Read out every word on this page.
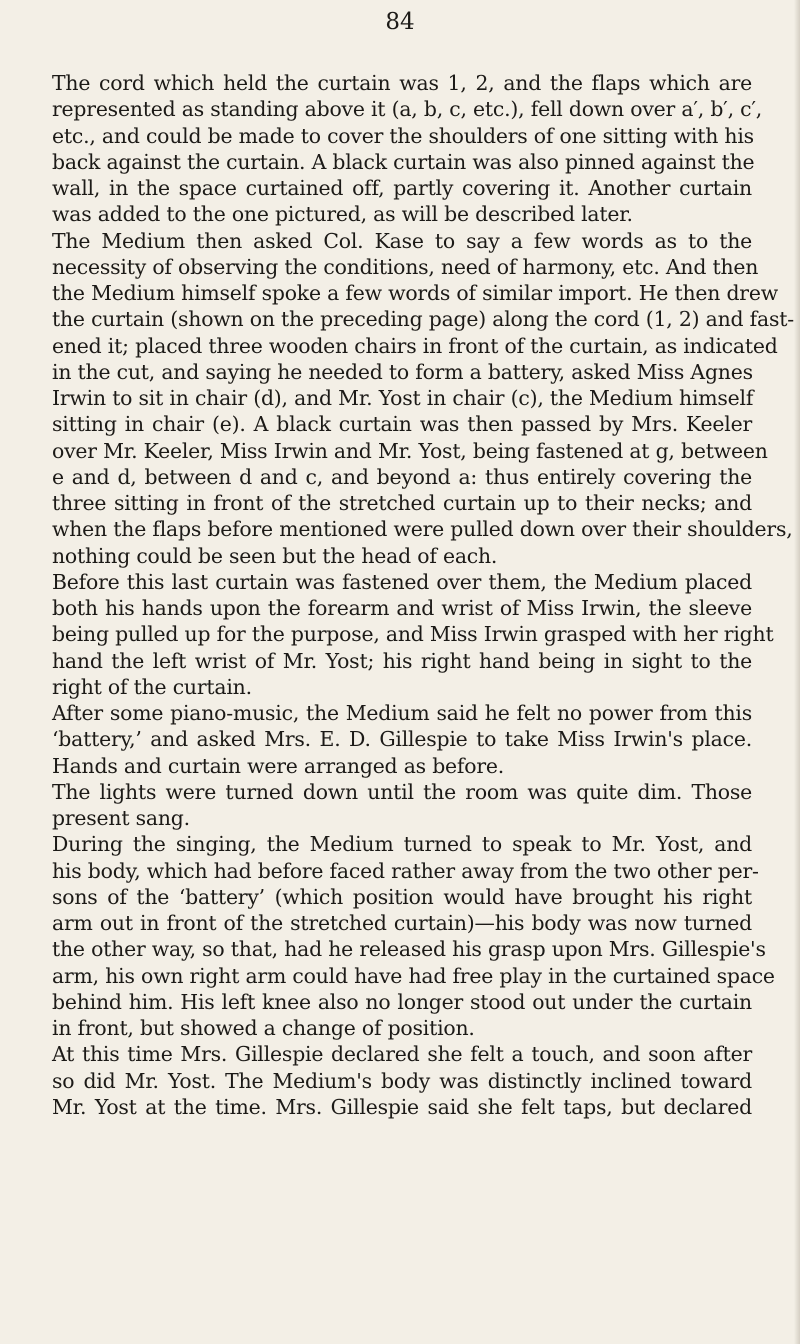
84
The cord which held the curtain was 1, 2, and the flaps which are
represented as standing above it (a, b, c, etc.), fell down over a′, b′, c′,
etc., and could be made to cover the shoulders of one sitting with his
back against the curtain. A black curtain was also pinned against the
wall, in the space curtained off, partly covering it. Another curtain
was added to the one pictured, as will be described later.
The Medium then asked Col. Kase to say a few words as to the
necessity of observing the conditions, need of harmony, etc. And then
the Medium himself spoke a few words of similar import. He then drew
the curtain (shown on the preceding page) along the cord (1, 2) and fast-
ened it; placed three wooden chairs in front of the curtain, as indicated
in the cut, and saying he needed to form a battery, asked Miss Agnes
Irwin to sit in chair (d), and Mr. Yost in chair (c), the Medium himself
sitting in chair (e). A black curtain was then passed by Mrs. Keeler
over Mr. Keeler, Miss Irwin and Mr. Yost, being fastened at g, between
e and d, between d and c, and beyond a: thus entirely covering the
three sitting in front of the stretched curtain up to their necks; and
when the flaps before mentioned were pulled down over their shoulders,
nothing could be seen but the head of each.
Before this last curtain was fastened over them, the Medium placed
both his hands upon the forearm and wrist of Miss Irwin, the sleeve
being pulled up for the purpose, and Miss Irwin grasped with her right
hand the left wrist of Mr. Yost; his right hand being in sight to the
right of the curtain.
After some piano-music, the Medium said he felt no power from this
‘battery,’ and asked Mrs. E. D. Gillespie to take Miss Irwin's place.
Hands and curtain were arranged as before.
The lights were turned down until the room was quite dim. Those
present sang.
During the singing, the Medium turned to speak to Mr. Yost, and
his body, which had before faced rather away from the two other per-
sons of the ‘battery’ (which position would have brought his right
arm out in front of the stretched curtain)—his body was now turned
the other way, so that, had he released his grasp upon Mrs. Gillespie's
arm, his own right arm could have had free play in the curtained space
behind him. His left knee also no longer stood out under the curtain
in front, but showed a change of position.
At this time Mrs. Gillespie declared she felt a touch, and soon after
so did Mr. Yost. The Medium's body was distinctly inclined toward
Mr. Yost at the time. Mrs. Gillespie said she felt taps, but declared
